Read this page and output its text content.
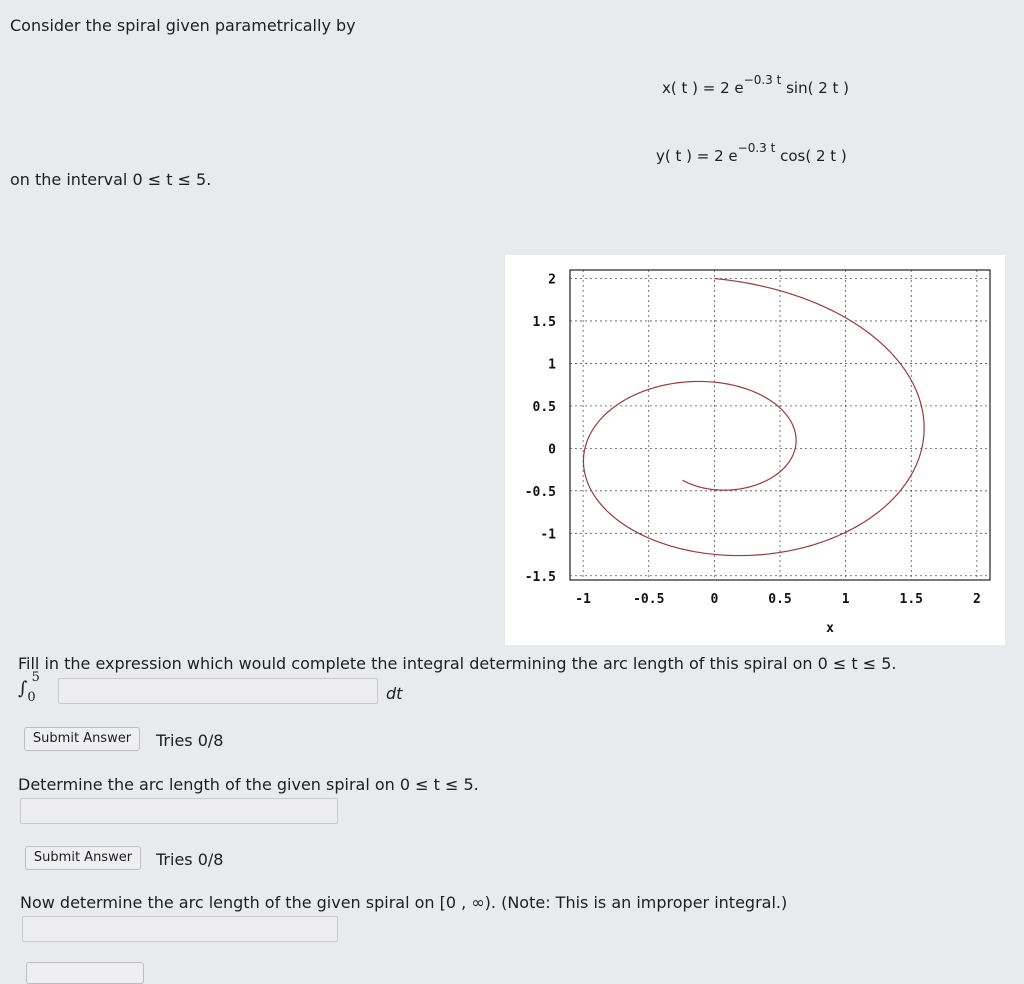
Consider the spiral given parametrically by
x( t ) = 2 $e^{-0.3 t}$ sin( 2 t )
y( t ) = 2 $e^{-0.3 t}$ cos( 2 t )
on the interval 0 ≤ t ≤ 5.
-1	-0.5	0	0.5	1	1.5	2
-1.5
-1
-0.5
0
0.5
1
1.5
2
x
Fill in the expression which would complete the integral determining the arc length of this spiral on 0 ≤ t ≤ 5.
$\int_0^5$
dt
Submit Answer	Tries 0/8
Determine the arc length of the given spiral on 0 ≤ t ≤ 5.
Submit Answer	Tries 0/8
Now determine the arc length of the given spiral on [0 , ∞). (Note: This is an improper integral.)
